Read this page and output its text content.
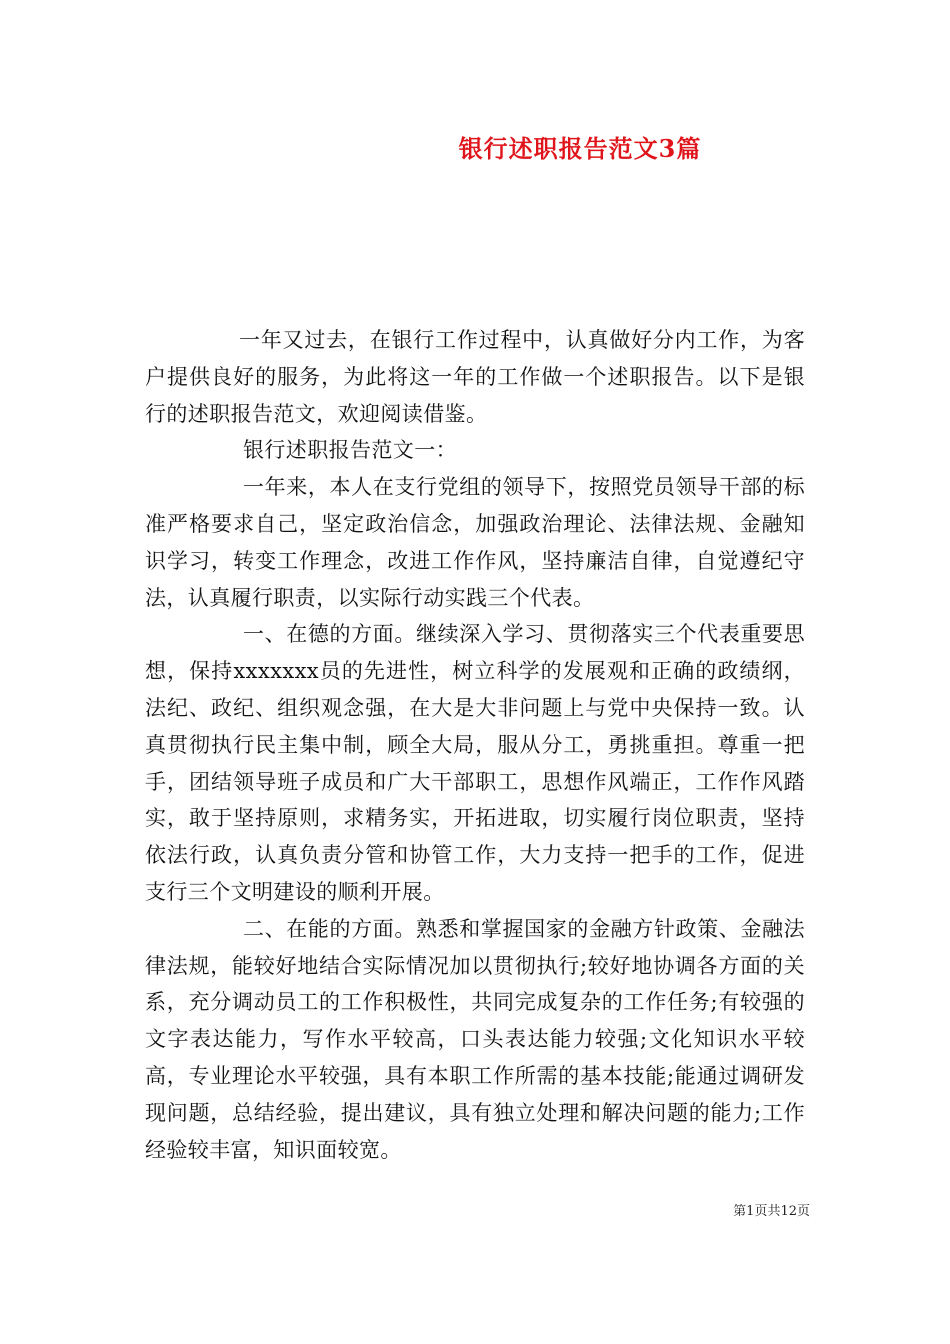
银行述职报告范文3篇

一年又过去，在银行工作过程中，认真做好分内工作，为客户提供良好的服务，为此将这一年的工作做一个述职报告。以下是银行的述职报告范文，欢迎阅读借鉴。

银行述职报告范文一：

一年来，本人在支行党组的领导下，按照党员领导干部的标准严格要求自己，坚定政治信念，加强政治理论、法律法规、金融知识学习，转变工作理念，改进工作作风，坚持廉洁自律，自觉遵纪守法，认真履行职责，以实际行动实践三个代表。

一、在德的方面。继续深入学习、贯彻落实三个代表重要思想，保持xxxxxxx员的先进性，树立科学的发展观和正确的政绩纲，法纪、政纪、组织观念强，在大是大非问题上与党中央保持一致。认真贯彻执行民主集中制，顾全大局，服从分工，勇挑重担。尊重一把手，团结领导班子成员和广大干部职工，思想作风端正，工作作风踏实，敢于坚持原则，求精务实，开拓进取，切实履行岗位职责，坚持依法行政，认真负责分管和协管工作，大力支持一把手的工作，促进支行三个文明建设的顺利开展。

二、在能的方面。熟悉和掌握国家的金融方针政策、金融法律法规，能较好地结合实际情况加以贯彻执行;较好地协调各方面的关系，充分调动员工的工作积极性，共同完成复杂的工作任务;有较强的文字表达能力，写作水平较高，口头表达能力较强;文化知识水平较高，专业理论水平较强，具有本职工作所需的基本技能;能通过调研发现问题，总结经验，提出建议，具有独立处理和解决问题的能力;工作经验较丰富，知识面较宽。

第1页共12页
